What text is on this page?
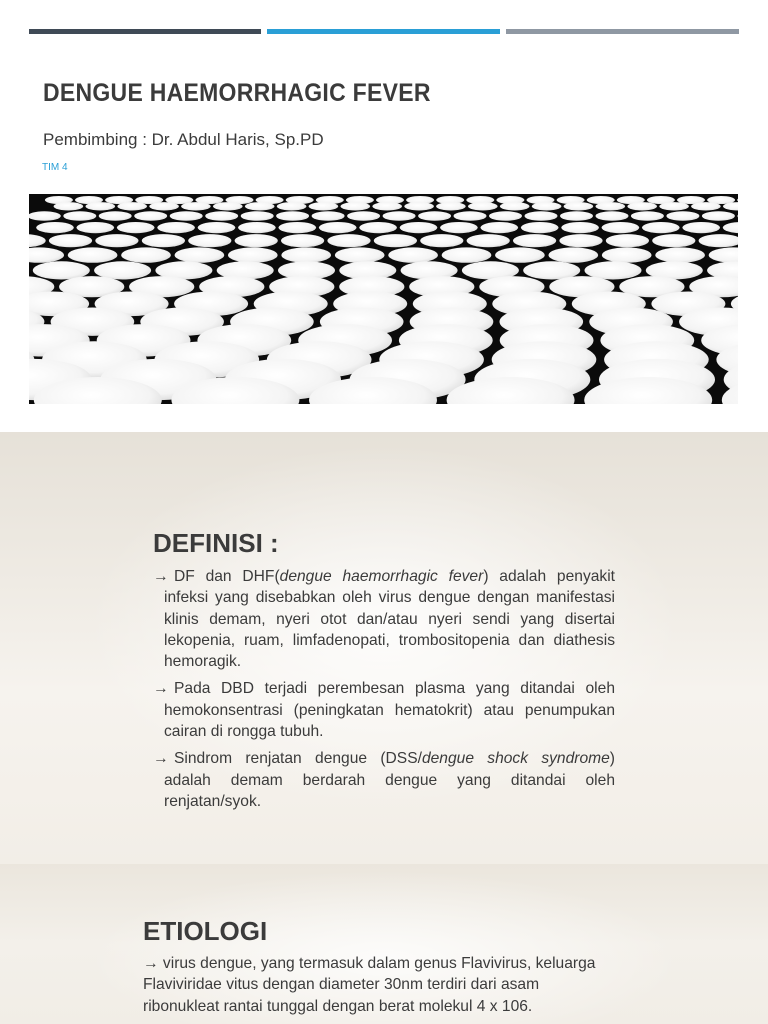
DENGUE HAEMORRHAGIC FEVER
Pembimbing : Dr. Abdul Haris, Sp.PD
TIM 4
DEFINISI :
→ DF dan DHF(dengue haemorrhagic fever) adalah penyakit infeksi yang disebabkan oleh virus dengue dengan manifestasi klinis demam, nyeri otot dan/atau nyeri sendi yang disertai lekopenia, ruam, limfadenopati, trombositopenia dan diathesis hemoragik.
→ Pada DBD terjadi perembesan plasma yang ditandai oleh hemokonsentrasi (peningkatan hematokrit) atau penumpukan cairan di rongga tubuh.
→ Sindrom renjatan dengue (DSS/dengue shock syndrome) adalah demam berdarah dengue yang ditandai oleh renjatan/syok.
ETIOLOGI
→ virus dengue, yang termasuk dalam genus Flavivirus, keluarga Flaviviridae vitus dengan diameter 30nm terdiri dari asam ribonukleat rantai tunggal dengan berat molekul 4 x 106.
